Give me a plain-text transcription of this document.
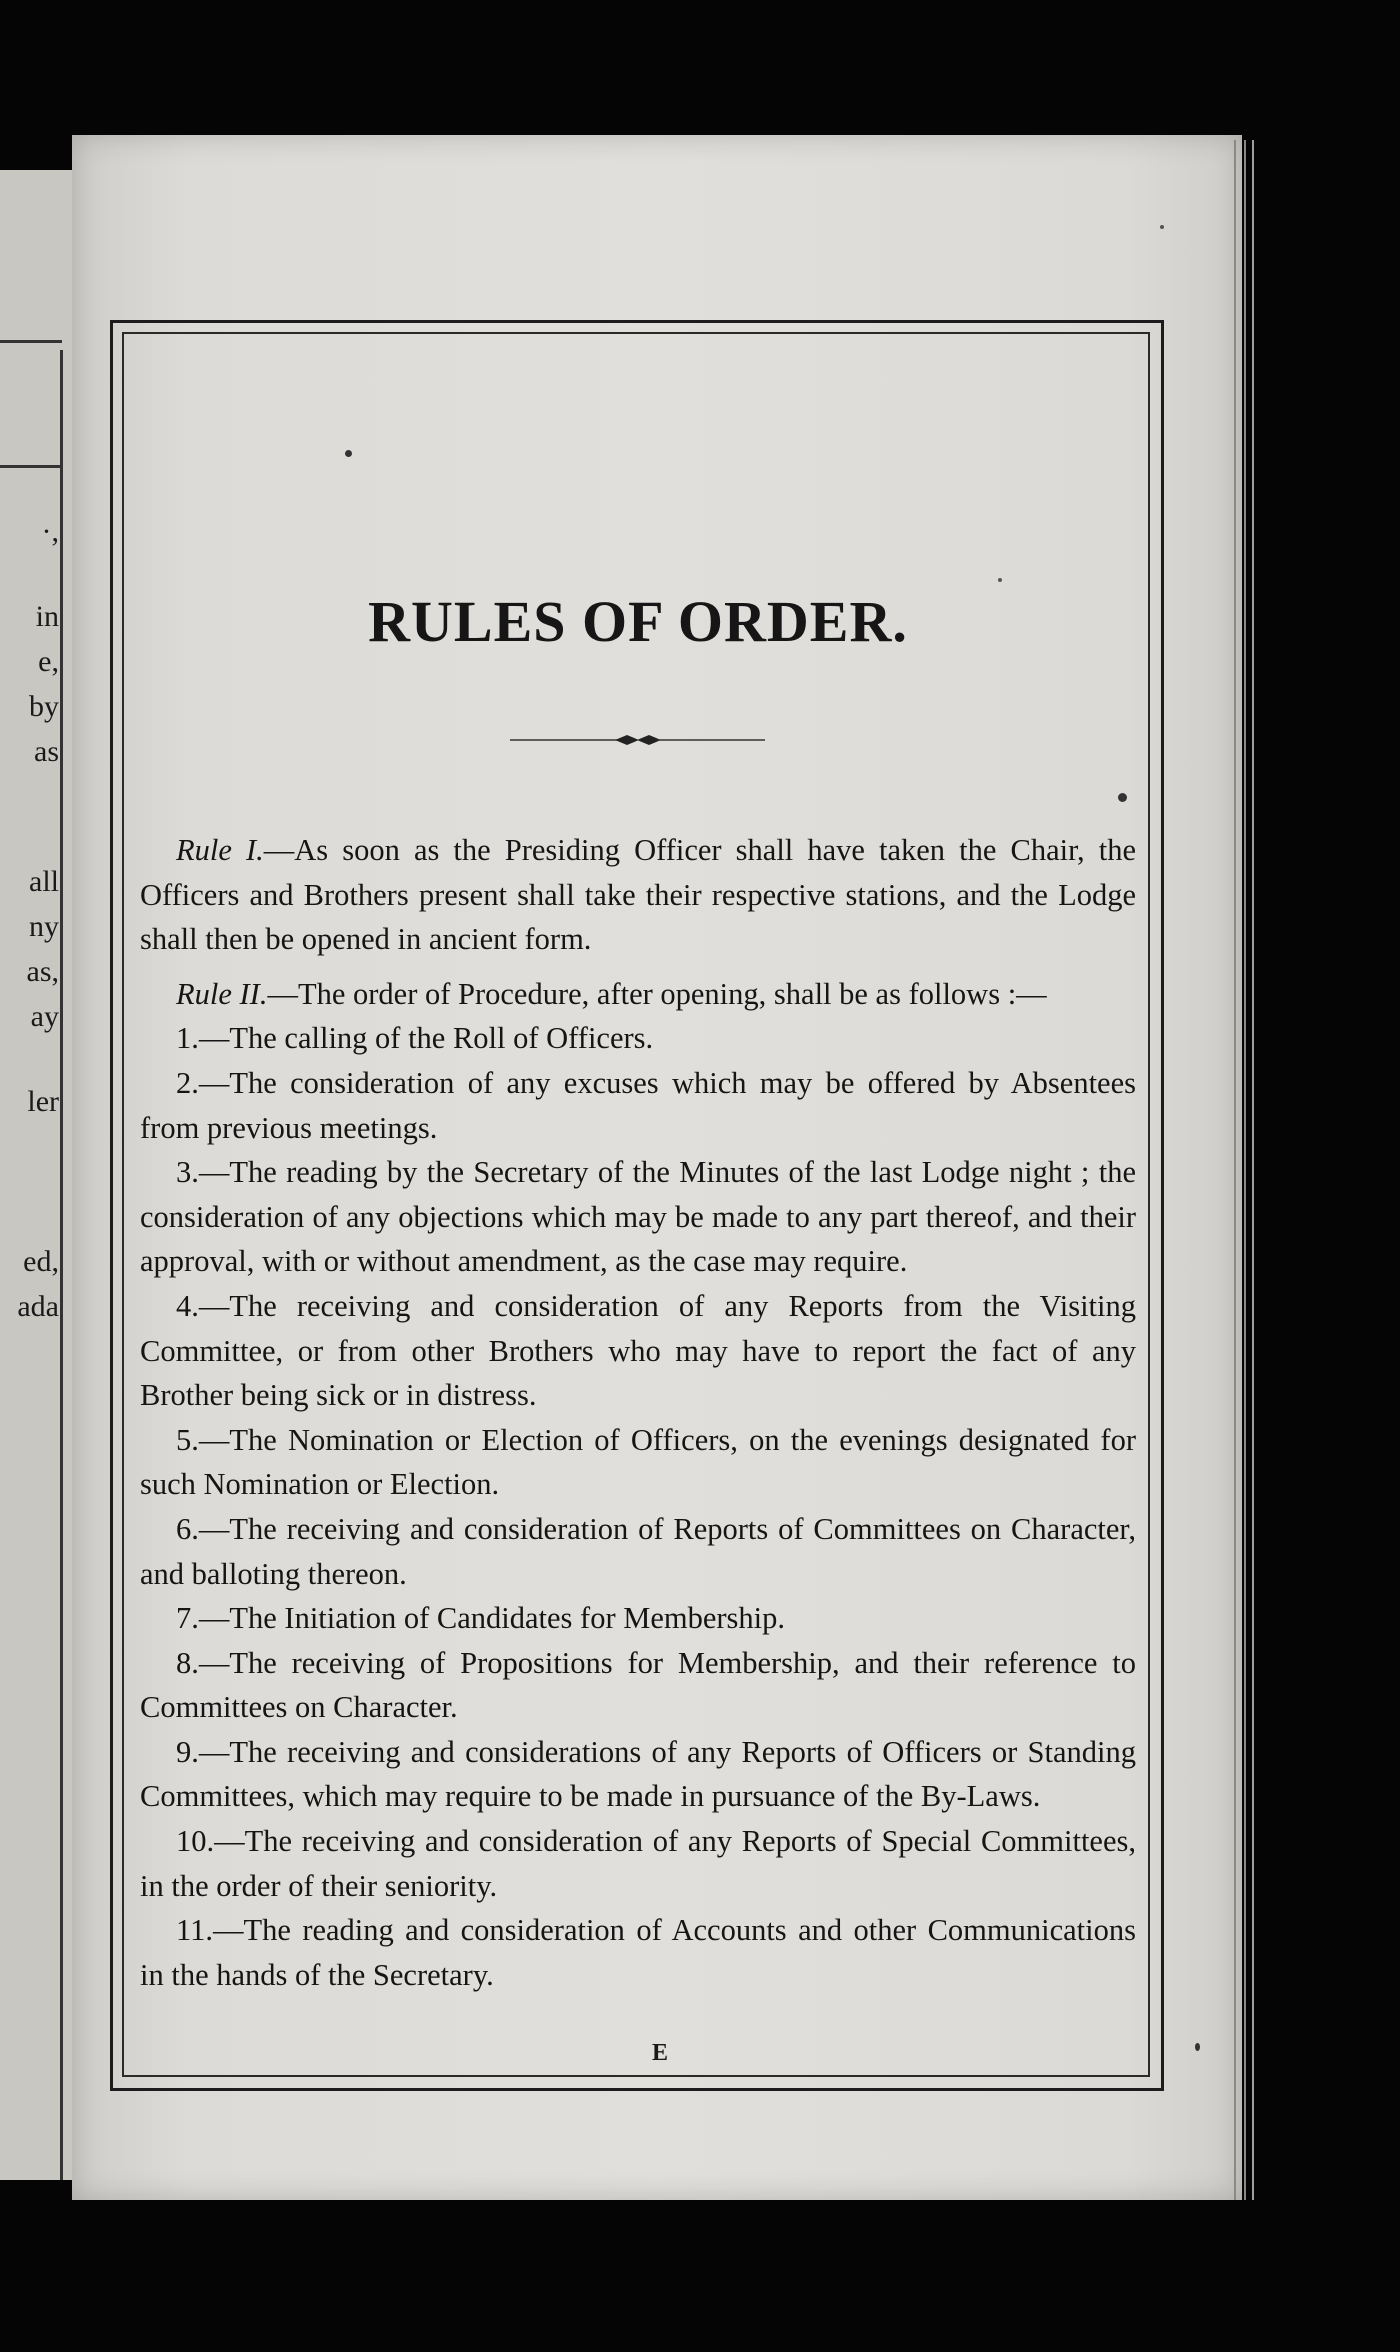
·,
in
e,
by
as
all
ny
as,
ay
ler
ed,
ada
RULES OF ORDER.

Rule I.—As soon as the Presiding Officer shall have taken the Chair, the Officers and Brothers present shall take their respective stations, and the Lodge shall then be opened in ancient form.

Rule II.—The order of Procedure, after opening, shall be as follows :—

1.—The calling of the Roll of Officers.

2.—The consideration of any excuses which may be offered by Absentees from previous meetings.

3.—The reading by the Secretary of the Minutes of the last Lodge night ; the consideration of any objections which may be made to any part thereof, and their approval, with or without amendment, as the case may require.

4.—The receiving and consideration of any Reports from the Visiting Committee, or from other Brothers who may have to report the fact of any Brother being sick or in distress.

5.—The Nomination or Election of Officers, on the evenings designated for such Nomination or Election.

6.—The receiving and consideration of Reports of Committees on Character, and balloting thereon.

7.—The Initiation of Candidates for Membership.

8.—The receiving of Propositions for Membership, and their reference to Committees on Character.

9.—The receiving and considerations of any Reports of Officers or Standing Committees, which may require to be made in pursuance of the By-Laws.

10.—The receiving and consideration of any Reports of Special Committees, in the order of their seniority.

11.—The reading and consideration of Accounts and other Communications in the hands of the Secretary.

E
